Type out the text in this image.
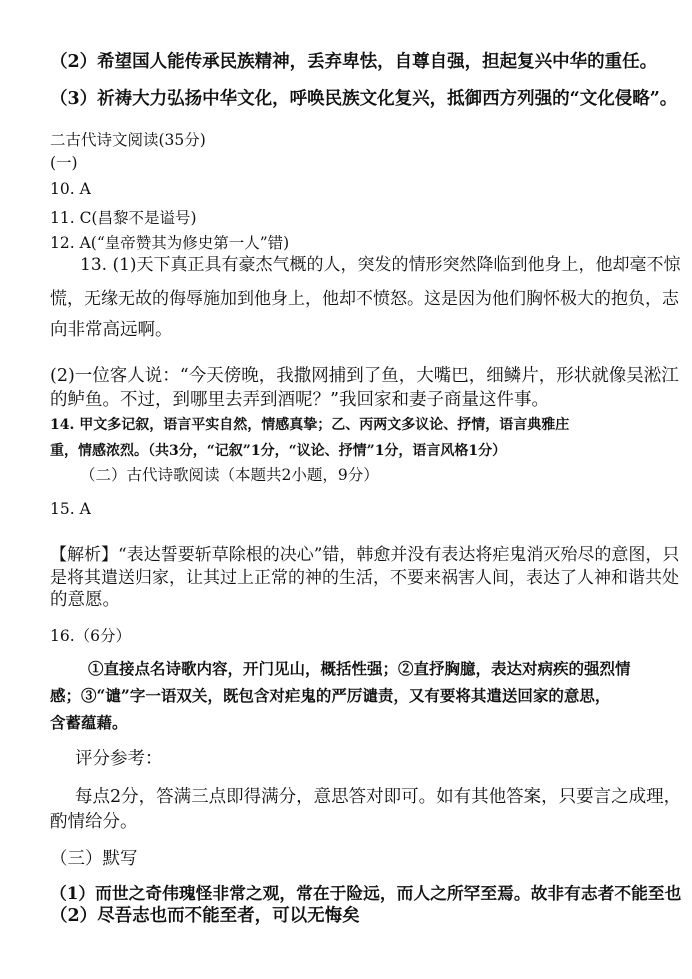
（2）希望国人能传承民族精神，丢弃卑怯，自尊自强，担起复兴中华的重任。
（3）祈祷大力弘扬中华文化，呼唤民族文化复兴，抵御西方列强的“文化侵略”。
二古代诗文阅读(35分)
(一)
10. A
11. C(昌黎不是谥号)
12. A(“皇帝赞其为修史第一人”错)
13. (1)天下真正具有豪杰气概的人，突发的情形突然降临到他身上，他却毫不惊
慌，无缘无故的侮辱施加到他身上，他却不愤怒。这是因为他们胸怀极大的抱负，志
向非常高远啊。
(2)一位客人说：“今天傍晚，我撒网捕到了鱼，大嘴巴，细鳞片，形状就像吴淞江
的鲈鱼。不过，到哪里去弄到酒呢？”我回家和妻子商量这件事。
14. 甲文多记叙，语言平实自然，情感真挚；乙、丙两文多议论、抒情，语言典雅庄
重，情感浓烈。（共3分，“记叙”1分，“议论、抒情”1分，语言风格1分）
（二）古代诗歌阅读（本题共2小题，9分）
15. A
【解析】“表达誓要斩草除根的决心”错，韩愈并没有表达将疟鬼消灭殆尽的意图，只
是将其遣送归家，让其过上正常的神的生活，不要来祸害人间，表达了人神和谐共处
的意愿。
16.（6分）
①直接点名诗歌内容，开门见山，概括性强；②直抒胸臆，表达对病疾的强烈情
感；③“谴”字一语双关，既包含对疟鬼的严厉谴责，又有要将其遣送回家的意思，
含蓄蕴藉。
评分参考：
每点2分，答满三点即得满分，意思答对即可。如有其他答案，只要言之成理，
酌情给分。
（三）默写
（1）而世之奇伟瑰怪非常之观，常在于险远，而人之所罕至焉。故非有志者不能至也
（2）尽吾志也而不能至者，可以无悔矣
